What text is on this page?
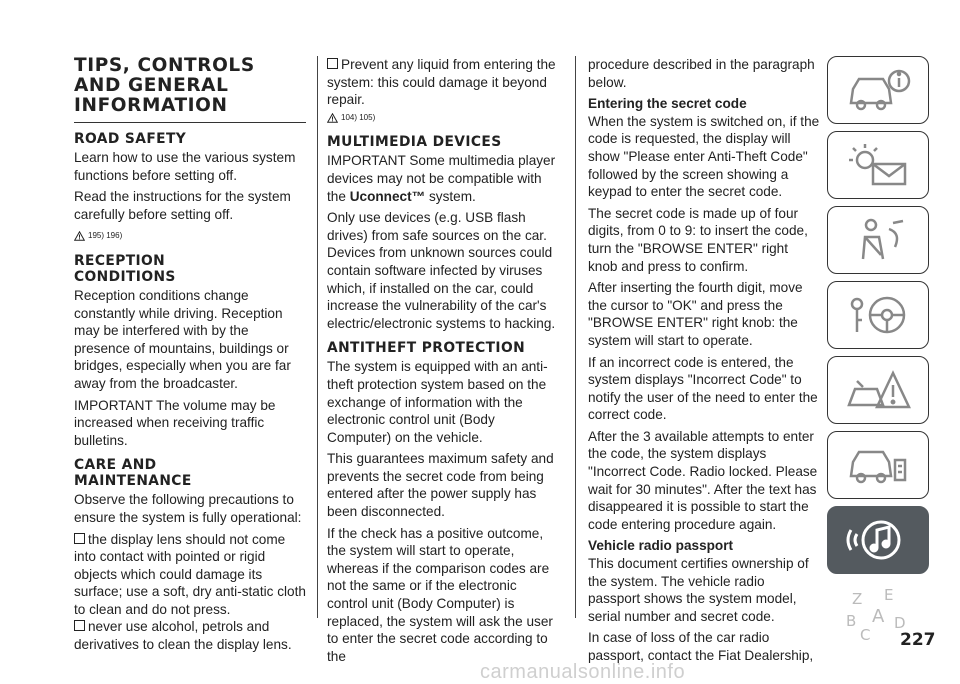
TIPS, CONTROLS
AND GENERAL
INFORMATION
ROAD SAFETY

Learn how to use the various system functions before setting off.

Read the instructions for the system carefully before setting off.

195) 196)
RECEPTION
CONDITIONS

Reception conditions change constantly while driving. Reception may be interfered with by the presence of mountains, buildings or bridges, especially when you are far away from the broadcaster.

IMPORTANT The volume may be increased when receiving traffic bulletins.

CARE AND
MAINTENANCE

Observe the following precautions to ensure the system is fully operational:

the display lens should not come into contact with pointed or rigid objects which could damage its surface; use a soft, dry anti-static cloth to clean and do not press.

never use alcohol, petrols and derivatives to clean the display lens.

Prevent any liquid from entering the system: this could damage it beyond repair.

104) 105)
MULTIMEDIA DEVICES

IMPORTANT Some multimedia player devices may not be compatible with the Uconnect™ system.

Only use devices (e.g. USB flash drives) from safe sources on the car. Devices from unknown sources could contain software infected by viruses which, if installed on the car, could increase the vulnerability of the car's electric/electronic systems to hacking.

ANTITHEFT PROTECTION

The system is equipped with an anti-theft protection system based on the exchange of information with the electronic control unit (Body Computer) on the vehicle.

This guarantees maximum safety and prevents the secret code from being entered after the power supply has been disconnected.

If the check has a positive outcome, the system will start to operate, whereas if the comparison codes are not the same or if the electronic control unit (Body Computer) is replaced, the system will ask the user to enter the secret code according to the

procedure described in the paragraph below.

Entering the secret code

When the system is switched on, if the code is requested, the display will show "Please enter Anti-Theft Code" followed by the screen showing a keypad to enter the secret code.

The secret code is made up of four digits, from 0 to 9: to insert the code, turn the "BROWSE ENTER" right knob and press to confirm.

After inserting the fourth digit, move the cursor to "OK" and press the "BROWSE ENTER" right knob: the system will start to operate.

If an incorrect code is entered, the system displays "Incorrect Code" to notify the user of the need to enter the correct code.

After the 3 available attempts to enter the code, the system displays "Incorrect Code. Radio locked. Please wait for 30 minutes". After the text has disappeared it is possible to start the code entering procedure again.

Vehicle radio passport

This document certifies ownership of the system. The vehicle radio passport shows the system model, serial number and secret code.

In case of loss of the car radio passport, contact the Fiat Dealership,

Z E
B A
C
D
227
carmanualsonline.info
